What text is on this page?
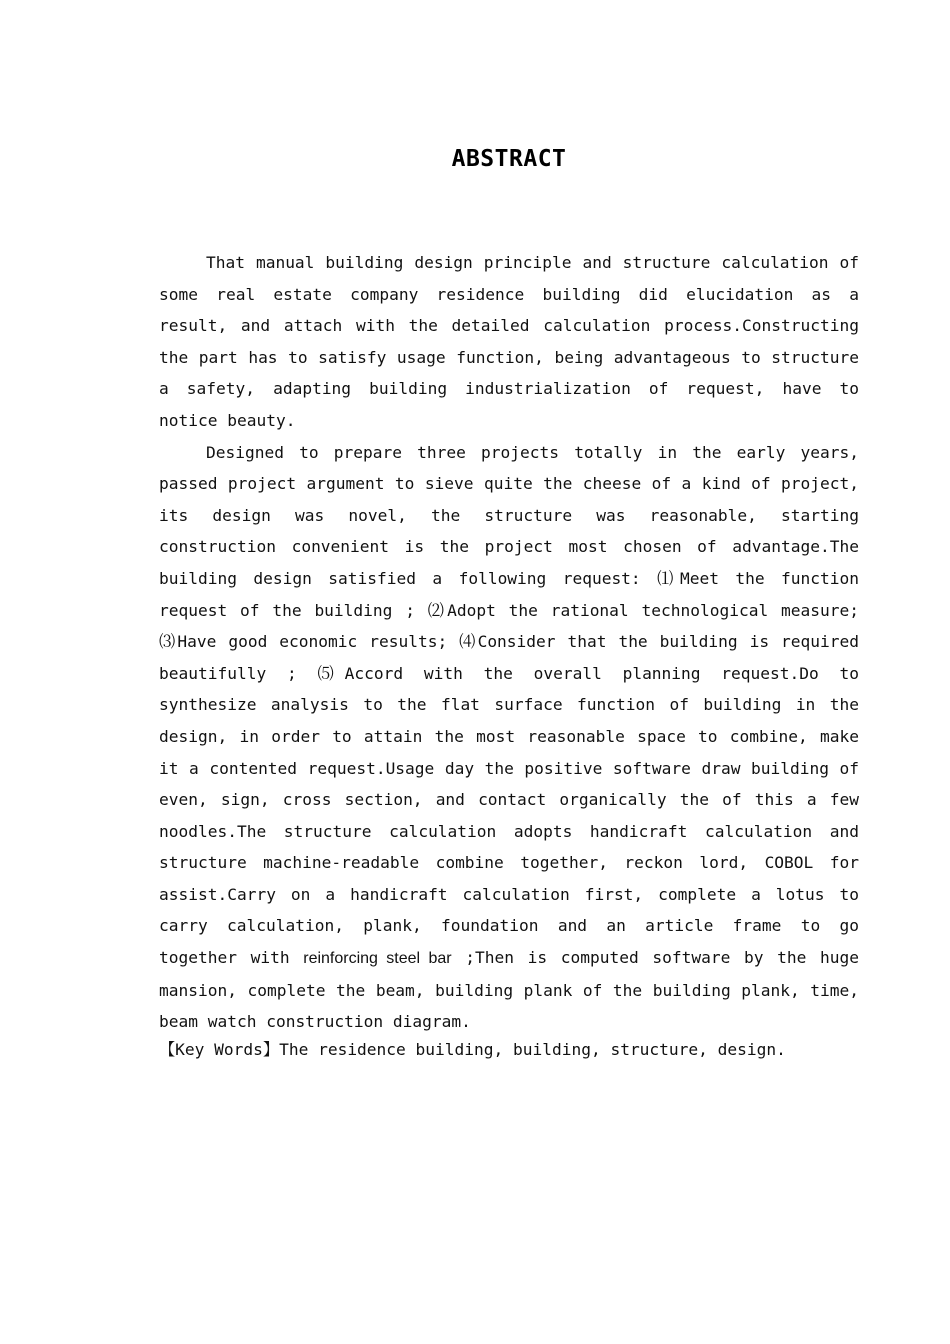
ABSTRACT

That manual building design principle and structure calculation of some real estate company residence building did elucidation as a result, and attach with the detailed calculation process.Constructing the part has to satisfy usage function, being advantageous to structure a safety, adapting building industrialization of request, have to notice beauty.

Designed to prepare three projects totally in the early years, passed project argument to sieve quite the cheese of a kind of project, its design was novel, the structure was reasonable, starting construction convenient is the project most chosen of advantage.The building design satisfied a following request: ⑴Meet the function request of the building ; ⑵Adopt the rational technological measure; ⑶Have good economic results; ⑷Consider that the building is required beautifully ; ⑸Accord with the overall planning request.Do to synthesize analysis to the flat surface function of building in the design, in order to attain the most reasonable space to combine, make it a contented request.Usage day the positive software draw building of even, sign, cross section, and contact organically the of this a few noodles.The structure calculation adopts handicraft calculation and structure machine-readable combine together, reckon lord, COBOL for assist.Carry on a handicraft calculation first, complete a lotus to carry calculation, plank, foundation and an article frame to go together with reinforcing steel bar ;Then is computed software by the huge mansion, complete the beam, building plank of the building plank, time, beam watch construction diagram.

【Key Words】The residence building, building, structure, design.
